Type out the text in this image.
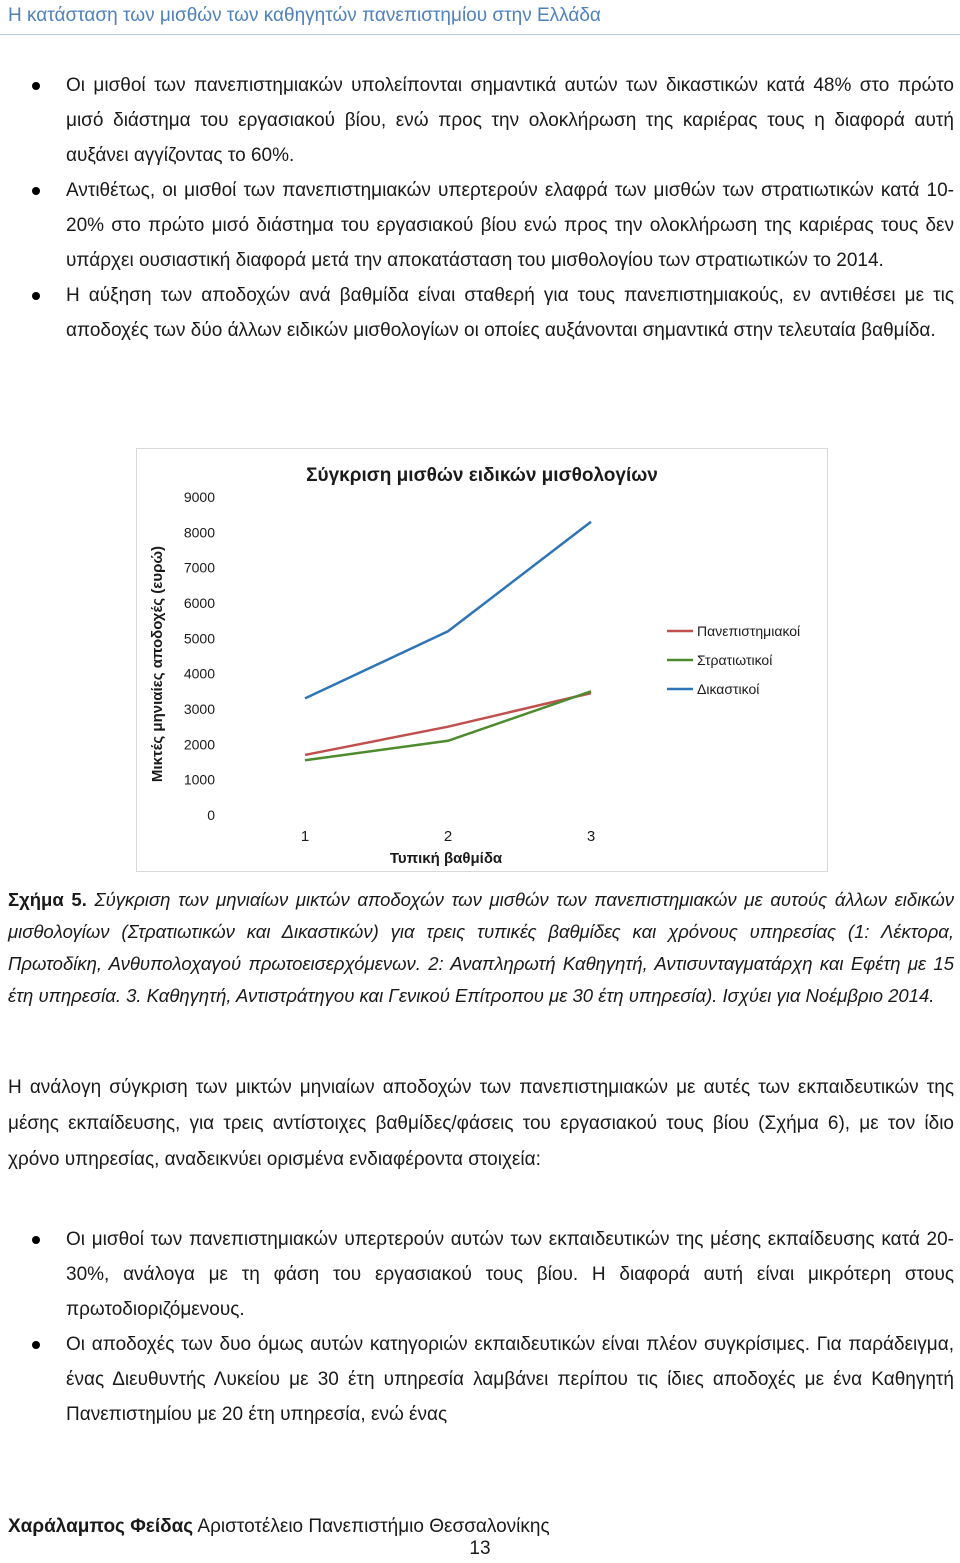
Η κατάσταση των μισθών των καθηγητών πανεπιστημίου στην Ελλάδα
Οι μισθοί των πανεπιστημιακών υπολείπονται σημαντικά αυτών των δικαστικών κατά 48% στο πρώτο μισό διάστημα του εργασιακού βίου, ενώ προς την ολοκλήρωση της καριέρας τους η διαφορά αυτή αυξάνει αγγίζοντας το 60%.
Αντιθέτως, οι μισθοί των πανεπιστημιακών υπερτερούν ελαφρά των μισθών των στρατιωτικών κατά 10-20% στο πρώτο μισό διάστημα του εργασιακού βίου ενώ προς την ολοκλήρωση της καριέρας τους δεν υπάρχει ουσιαστική διαφορά μετά την αποκατάσταση του μισθολογίου των στρατιωτικών το 2014.
Η αύξηση των αποδοχών ανά βαθμίδα είναι σταθερή για τους πανεπιστημιακούς, εν αντιθέσει με τις αποδοχές των δύο άλλων ειδικών μισθολογίων οι οποίες αυξάνονται σημαντικά στην τελευταία βαθμίδα.
Σύγκριση μισθών ειδικών μισθολογίων
Μικτές μηνιαίες αποδοχές (ευρώ)
Τυπική βαθμίδα
0
1000
2000
3000
4000
5000
6000
7000
8000
9000
1	2	3
Πανεπιστημιακοί
Στρατιωτικοί
Δικαστικοί
Σχήμα 5. Σύγκριση των μηνιαίων μικτών αποδοχών των μισθών των πανεπιστημιακών με αυτούς άλλων ειδικών μισθολογίων (Στρατιωτικών και Δικαστικών) για τρεις τυπικές βαθμίδες και χρόνους υπηρεσίας (1: Λέκτορα, Πρωτοδίκη, Ανθυπολοχαγού πρωτοεισερχόμενων. 2: Αναπληρωτή Καθηγητή, Αντισυνταγματάρχη και Εφέτη με 15 έτη υπηρεσία. 3. Καθηγητή, Αντιστράτηγου και Γενικού Επίτροπου με 30 έτη υπηρεσία). Ισχύει για Νοέμβριο 2014.
Η ανάλογη σύγκριση των μικτών μηνιαίων αποδοχών των πανεπιστημιακών με αυτές των εκπαιδευτικών της μέσης εκπαίδευσης, για τρεις αντίστοιχες βαθμίδες/φάσεις του εργασιακού τους βίου (Σχήμα 6), με τον ίδιο χρόνο υπηρεσίας, αναδεικνύει ορισμένα ενδιαφέροντα στοιχεία:
Οι μισθοί των πανεπιστημιακών υπερτερούν αυτών των εκπαιδευτικών της μέσης εκπαίδευσης κατά 20-30%, ανάλογα με τη φάση του εργασιακού τους βίου. Η διαφορά αυτή είναι μικρότερη στους πρωτοδιοριζόμενους.
Οι αποδοχές των δυο όμως αυτών κατηγοριών εκπαιδευτικών είναι πλέον συγκρίσιμες. Για παράδειγμα, ένας Διευθυντής Λυκείου με 30 έτη υπηρεσία λαμβάνει περίπου τις ίδιες αποδοχές με ένα Καθηγητή Πανεπιστημίου με 20 έτη υπηρεσία, ενώ ένας
Χαράλαμπος Φείδας Αριστοτέλειο Πανεπιστήμιο Θεσσαλονίκης
13
